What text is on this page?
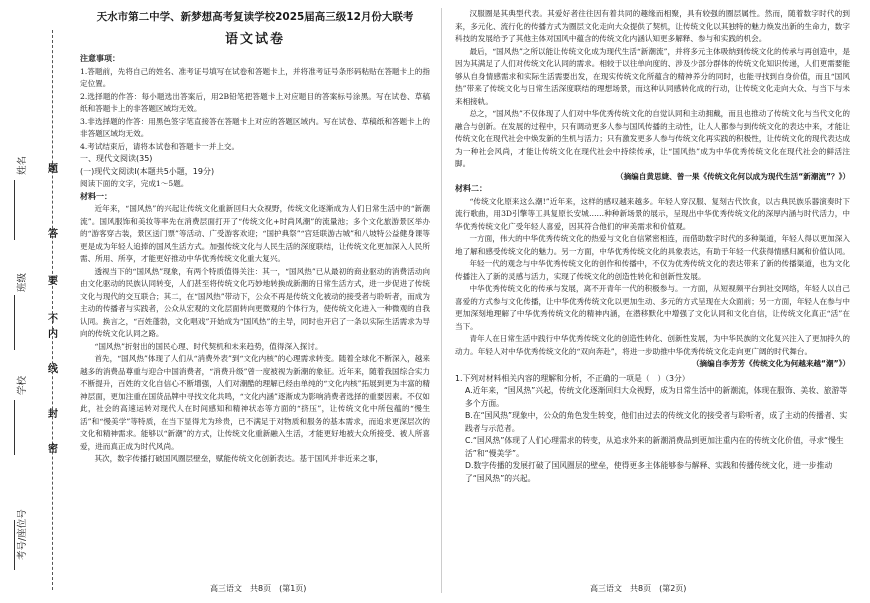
姓名
班级
学校
考号/座位号
题
答
要
不
内
线
封
密
天水市第二中学、新梦想高考复读学校2025届高三级12月份大联考
语文试卷
注意事项：
1.答题前，先将自己的姓名、准考证号填写在试卷和答题卡上，并将准考证号条形码粘贴在答题卡上的指定位置。
2.选择题的作答：每小题选出答案后，用2B铅笔把答题卡上对应题目的答案标号涂黑。写在试卷、草稿纸和答题卡上的非答题区域均无效。
3.非选择题的作答：用黑色签字笔直接答在答题卡上对应的答题区域内。写在试卷、草稿纸和答题卡上的非答题区域均无效。
4.考试结束后，请将本试卷和答题卡一并上交。
一、现代文阅读(35)
(一)现代文阅读Ⅰ(本题共5小题，19分)
阅读下面的文字，完成1～5题。
材料一：
近年来，“国风热”的兴起让传统文化重新回归大众视野，传统文化逐渐成为人们日常生活中的“新潮流”。国风服饰和美妆等率先在消费层面打开了“传统文化+时尚风潮”的流量池；多个文化旅游景区举办的“游客穿古装，景区送门票”等活动、广受游客欢迎；“国护典祭”“宫廷联游古城”和八坡特公益健身课等更是成为年轻人追捧的国风生活方式。加强传统文化与人民生活的深度联结，让传统文化更加深入人民所需、所用、所享，才能更好推动中华优秀传统文化重大复兴。
透视当下的“国风热”现象，有两个特质值得关注：其一，“国风热”已从最初的商业驱动的消费活动向由文化驱动的民族认同转变，人们甚至将传统文化巧妙地转换成新潮的日常生活方式，进一步促进了传统文化与现代的交互联合；其二，在“国风热”带动下，公众不再是传统文化被动的接受者与聆听者，而成为主动的传播者与实践者，公众从宏观的文化层面转向更微观的个体行为，使传统文化进入一种微观的自我认同。换言之，“百姓蓬勃，文化唱戏”开始成为“国风热”的主导，同时也开启了一条以实际生活需求为导向的传统文化认同之路。
“国风热”折射出的国民心理、时代契机和未来趋势，值得深入探讨。
首先，“国风热”体现了人们从“消费外表”到“文化内核”的心理需求转变。随着全球化不断深入，越来越多的消费品尊重与迎合中国消费者，“消费升级”曾一度被视为新潮的象征。近年来，随着我国综合实力不断提升，百姓的文化自信心不断增强，人们对潮酷的理解已经由单纯的“文化内核”拓展到更为丰富的精神层面，更加注重在国货品牌中寻找文化共鸣，“文化内涵”逐渐成为影响消费者选择的重要因素。不仅如此，社会的高速运转对现代人在时间感知和精神状态等方面的“挤压”，让传统文化中所包蕴的“慢生活”和“慢美学”等特质，在当下显得尤为珍贵，已不满足于对物质和服务的基本需求，而追求更深层次的文化和精神需求。能够以“新潮”的方式，让传统文化重新融入生活，才能更好地被大众所接受、被人所喜爱，进而真正成为时代风尚。
其次，数字传播打破国风圈层壁垒，赋能传统文化创新表达。基于国风并非近来之事，
汉服圈是其典型代表。其爱好者往往因有着共同的趣缘而相聚，具有较强的圈层属性。然而，随着数字时代的到来，多元化、流行化的传播方式为圈层文化走向大众提供了契机，让传统文化以其独特的魅力焕发出新的生命力，数字科技的发展给予了其他主体对国风中蕴含的传统文化内涵认知更多解释、参与和实践的机会。
最后，“国风热”之所以能让传统文化成为现代生活“新潮流”，并将多元主体吸纳到传统文化的传承与再创造中，是因为其满足了人们对传统文化认同的需求。相较于以往单向度的、涉及少部分群体的传统文化知识传递，人们更需要能够从自身情感需求和实际生活需要出发，在现实传统文化所蕴含的精神养分的同时，也能寻找到自身价值，而且“国风热”带来了传统文化与日常生活深度联结的理想场景，而这种认同感转化成的行动，让传统文化走向大众、与当下与未来相接轨。
总之，“国风热”不仅体现了人们对中华优秀传统文化的自觉认同和主动拥戴，而且也推动了传统文化与当代文化的融合与创新。在发展的过程中，只有调动更多人参与国风传播的主动性，让人人都参与到传统文化的表达中来，才能让传统文化在现代社会中焕发新的生机与活力；只有激发更多人参与传统文化再实践的积极性，让传统文化的现代表达成为一种社会风尚，才能让传统文化在现代社会中持续传承，让“国风热”成为中华优秀传统文化在现代社会的鲜活注脚。
（摘编自黄思婕、曾一果《传统文化何以成为现代生活“新潮流”？》）
材料二：
“传统文化原来这么潮!”近年来，这样的感叹越来越多。年轻人穿汉服、复刻古代饮食，以古典民族乐器演奏时下流行歌曲，用3D引擎等工具复原长安城……种种新场景的展示，呈现出中华优秀传统文化的深厚内涵与时代活力，中华优秀传统文化广受年轻人喜爱，因其符合他们的审美需求和价值观。
一方面，伟大的中华优秀传统文化的热爱与文化自信紧密相连，而借助数字时代的多种渠道，年轻人得以更加深入地了解和感受传统文化的魅力。另一方面，中华优秀传统文化的具象表达，有助于年轻一代获得情感归属和价值认同。
年轻一代的观念与中华优秀传统文化的创作和传播中，不仅为优秀传统文化的表达带来了新的传播渠道，也为文化传播注入了新的灵感与活力，实现了传统文化的创造性转化和创新性发展。
中华优秀传统文化的传承与发展，离不开青年一代的积极参与。一方面，从短视频平台到社交网络，年轻人以自己喜爱的方式参与文化传播，让中华优秀传统文化以更加生动、多元的方式呈现在大众面前；另一方面，年轻人在参与中更加深刻地理解了中华优秀传统文化的精神内涵，在潜移默化中增强了文化认同和文化自信，让传统文化真正“活”在当下。
青年人在日常生活中践行中华优秀传统文化的创造性转化、创新性发展，为中华民族的文化复兴注入了更加持久的动力。年轻人对中华优秀传统文化的“双向奔赴”，将进一步助推中华优秀传统文化走向更广阔的时代舞台。
（摘编自李芳芳《传统文化为何越来越“潮”》）
1.下列对材料相关内容的理解和分析，不正确的一项是（　）（3分）
A.近年来，“国风热”兴起，传统文化逐渐回归大众视野，成为日常生活中的新潮流，体现在服饰、美妆、旅游等多个方面。
B.在“国风热”现象中，公众的角色发生转变，他们由过去的传统文化的接受者与聆听者，成了主动的传播者、实践者与示范者。
C.“国风热”体现了人们心理需求的转变，从追求外来的新潮消费品到更加注重内在的传统文化价值，寻求“慢生活”和“慢美学”。
D.数字传播的发展打破了国风圈层的壁垒，使得更多主体能够参与解释、实践和传播传统文化，进一步推动了“国风热”的兴起。
高三语文　共8页　(第1页)	高三语文　共8页　(第2页)
